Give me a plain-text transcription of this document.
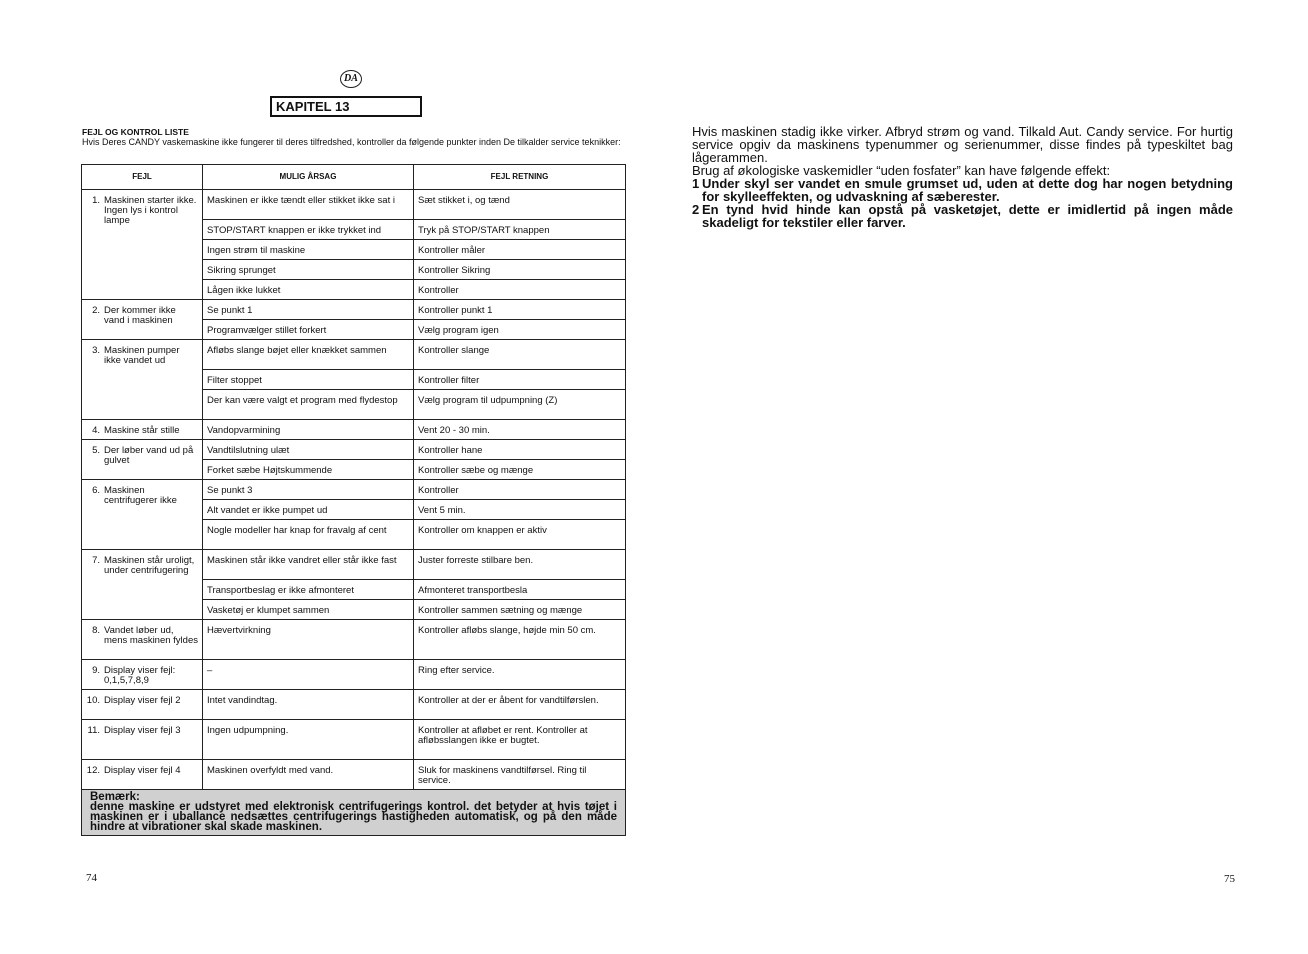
DA
KAPITEL 13
FEJL OG KONTROL LISTE
Hvis Deres CANDY vaskemaskine ikke fungerer til deres tilfredshed, kontroller da følgende punkter inden De tilkalder service teknikker:
FEJL	MULIG ÅRSAG	FEJL RETNING

1. Maskinen starter ikke. Ingen lys i kontrol lampe	Maskinen er ikke tændt eller stikket ikke sat i	Sæt stikket i, og tænd
	STOP/START knappen er ikke trykket ind	Tryk på STOP/START knappen
	Ingen strøm til maskine	Kontroller måler
	Sikring sprunget	Kontroller Sikring
	Lågen ikke lukket	Kontroller

2. Der kommer ikke vand i maskinen	Se punkt 1	Kontroller punkt 1
	Programvælger stillet forkert	Vælg program igen

3. Maskinen pumper ikke vandet ud	Afløbs slange bøjet eller knækket sammen	Kontroller slange
	Filter stoppet	Kontroller filter
	Der kan være valgt et program med flydestop	Vælg program til udpumpning (Z)

4. Maskine står stille	Vandopvarmining	Vent 20 - 30 min.

5. Der løber vand ud på gulvet	Vandtilslutning ulæt	Kontroller hane
	Forket sæbe Højtskummende	Kontroller sæbe og mænge

6. Maskinen centrifugerer ikke	Se punkt 3	Kontroller
	Alt vandet er ikke pumpet ud	Vent 5 min.
	Nogle modeller har knap for fravalg af cent	Kontroller om knappen er aktiv

7. Maskinen står uroligt, under centrifugering	Maskinen står ikke vandret eller står ikke fast	Juster forreste stilbare ben.
	Transportbeslag er ikke afmonteret	Afmonteret transportbesla
	Vasketøj er klumpet sammen	Kontroller sammen sætning og mænge

8. Vandet løber ud, mens maskinen fyldes	Hævertvirkning	Kontroller afløbs slange, højde min 50 cm.

9. Display viser fejl: 0,1,5,7,8,9	–	Ring efter service.

10. Display viser fejl 2	Intet vandindtag.	Kontroller at der er åbent for vandtilførslen.

11. Display viser fejl 3	Ingen udpumpning.	Kontroller at afløbet er rent. Kontroller at afløbsslangen ikke er bugtet.

12. Display viser fejl 4	Maskinen overfyldt med vand.	Sluk for maskinens vandtilførsel. Ring til service.

Bemærk:
denne maskine er udstyret med elektronisk centrifugerings kontrol. det betyder at hvis tøjet i maskinen er i uballance nedsættes centrifugerings hastigheden automatisk, og på den måde hindre at vibrationer skal skade maskinen.		
74

Hvis maskinen stadig ikke virker. Afbryd strøm og vand. Tilkald Aut. Candy service. For hurtig service opgiv da maskinens typenummer og serienummer, disse findes på typeskiltet bag lågerammen.

Brug af økologiske vaskemidler “uden fosfater” kan have følgende effekt:

1 Under skyl ser vandet en smule grumset ud, uden at dette dog har nogen betydning for skylleeffekten, og udvaskning af sæberester.
2 En tynd hvid hinde kan opstå på vasketøjet, dette er imidlertid på ingen måde skadeligt for tekstiler eller farver.
75
